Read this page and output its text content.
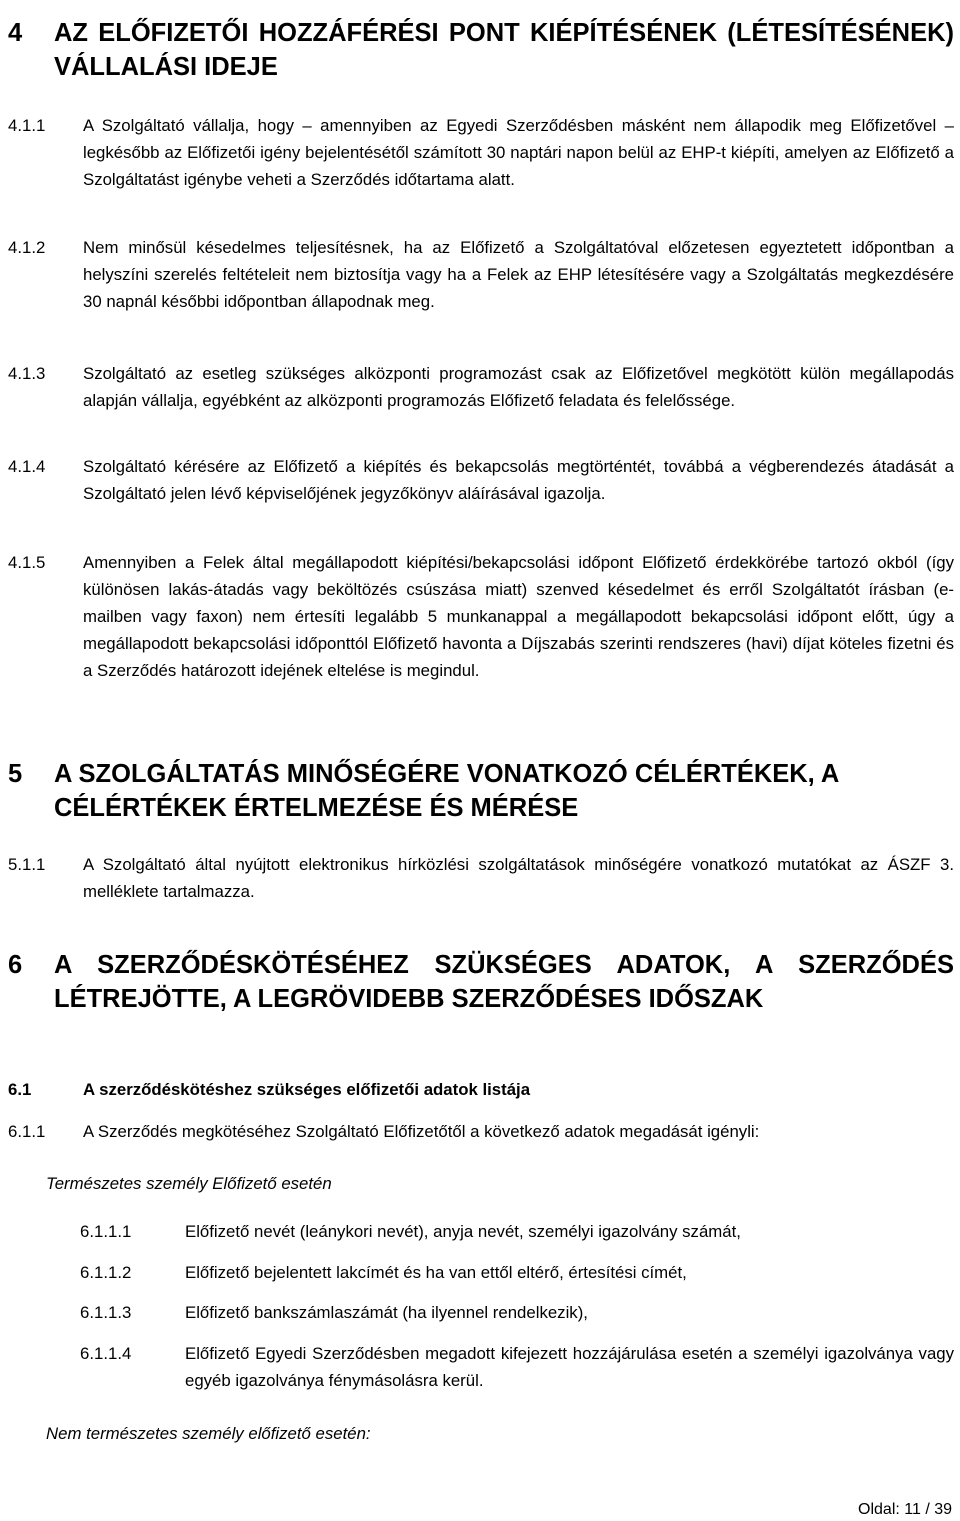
4	AZ ELŐFIZETŐI HOZZÁFÉRÉSI PONT KIÉPÍTÉSÉNEK (LÉTESÍTÉSÉNEK) VÁLLALÁSI IDEJE
4.1.1	A Szolgáltató vállalja, hogy – amennyiben az Egyedi Szerződésben másként nem állapodik meg Előfizetővel – legkésőbb az Előfizetői igény bejelentésétől számított 30 naptári napon belül az EHP-t kiépíti, amelyen az Előfizető a Szolgáltatást igénybe veheti a Szerződés időtartama alatt.
4.1.2	Nem minősül késedelmes teljesítésnek, ha az Előfizető a Szolgáltatóval előzetesen egyeztetett időpontban a helyszíni szerelés feltételeit nem biztosítja vagy ha a Felek az EHP létesítésére vagy a Szolgáltatás megkezdésére 30 napnál későbbi időpontban állapodnak meg.
4.1.3	Szolgáltató az esetleg szükséges alközponti programozást csak az Előfizetővel megkötött külön megállapodás alapján vállalja, egyébként az alközponti programozás Előfizető feladata és felelőssége.
4.1.4	Szolgáltató kérésére az Előfizető a kiépítés és bekapcsolás megtörténtét, továbbá a végberendezés átadását a Szolgáltató jelen lévő képviselőjének jegyzőkönyv aláírásával igazolja.
4.1.5	Amennyiben a Felek által megállapodott kiépítési/bekapcsolási időpont Előfizető érdekkörébe tartozó okból (így különösen lakás-átadás vagy beköltözés csúszása miatt) szenved késedelmet és erről Szolgáltatót írásban (e-mailben vagy faxon) nem értesíti legalább 5 munkanappal a megállapodott bekapcsolási időpont előtt, úgy a megállapodott bekapcsolási időponttól Előfizető havonta a Díjszabás szerinti rendszeres (havi) díjat köteles fizetni és a Szerződés határozott idejének eltelése is megindul.
5	A SZOLGÁLTATÁS MINŐSÉGÉRE VONATKOZÓ CÉLÉRTÉKEK, A CÉLÉRTÉKEK ÉRTELMEZÉSE ÉS MÉRÉSE
5.1.1	A Szolgáltató által nyújtott elektronikus hírközlési szolgáltatások minőségére vonatkozó mutatókat az ÁSZF 3. melléklete tartalmazza.
6	A SZERZŐDÉSKÖTÉSÉHEZ SZÜKSÉGES ADATOK, A SZERZŐDÉS LÉTREJÖTTE, A LEGRÖVIDEBB SZERZŐDÉSES IDŐSZAK
6.1	A szerződéskötéshez szükséges előfizetői adatok listája
6.1.1	A Szerződés megkötéséhez Szolgáltató Előfizetőtől a következő adatok megadását igényli:
Természetes személy Előfizető esetén
6.1.1.1	Előfizető nevét (leánykori nevét), anyja nevét, személyi igazolvány számát,
6.1.1.2	Előfizető bejelentett lakcímét és ha van ettől eltérő, értesítési címét,
6.1.1.3	Előfizető bankszámlaszámát (ha ilyennel rendelkezik),
6.1.1.4	Előfizető Egyedi Szerződésben megadott kifejezett hozzájárulása esetén a személyi igazolványa vagy egyéb igazolványa fénymásolásra kerül.
Nem természetes személy előfizető esetén:
Oldal: 11 / 39
